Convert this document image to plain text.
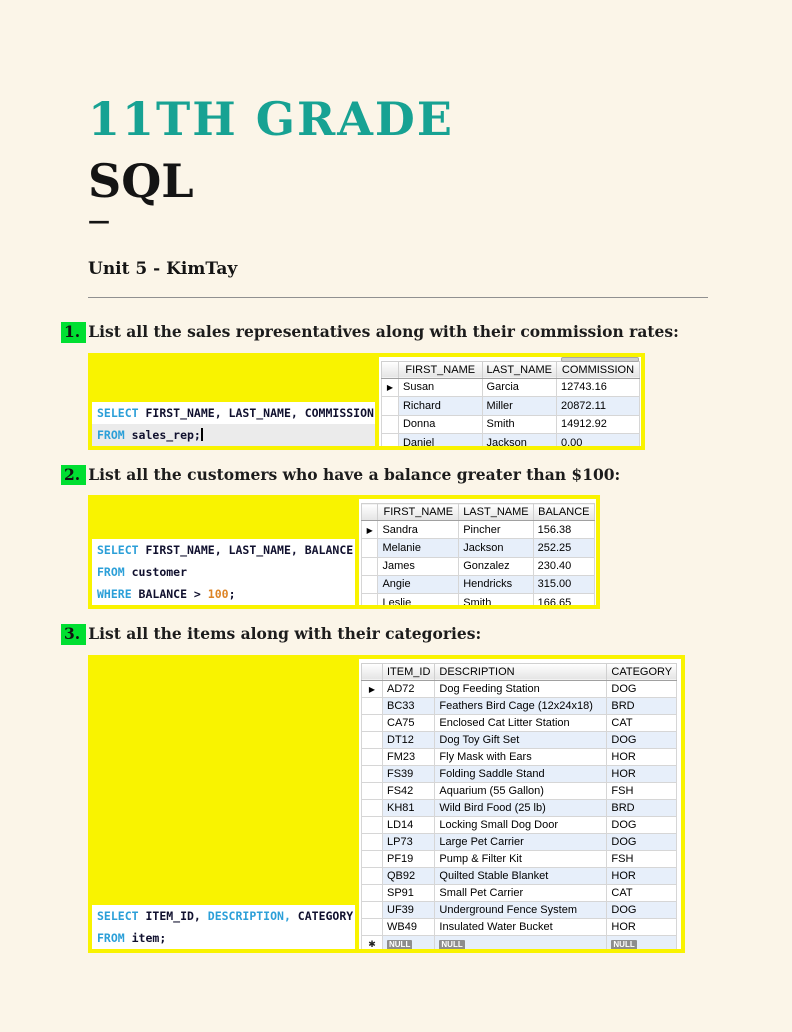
11TH GRADE
SQL
—
Unit 5 - KimTay
1. List all the sales representatives along with their commission rates:
SELECT FIRST_NAME, LAST_NAME, COMMISSION
FROM sales_rep;
	FIRST_NAME	LAST_NAME	COMMISSION
▶	Susan	Garcia	12743.16
	Richard	Miller	20872.11
	Donna	Smith	14912.92
	Daniel	Jackson	0.00
2. List all the customers who have a balance greater than $100:
SELECT FIRST_NAME, LAST_NAME, BALANCE
FROM customer
WHERE BALANCE > 100;
	FIRST_NAME	LAST_NAME	BALANCE
▶	Sandra	Pincher	156.38
	Melanie	Jackson	252.25
	James	Gonzalez	230.40
	Angie	Hendricks	315.00
	Leslie	Smith	166.65
3. List all the items along with their categories:
SELECT ITEM_ID, DESCRIPTION, CATEGORY
FROM item;
	ITEM_ID	DESCRIPTION	CATEGORY
▶	AD72	Dog Feeding Station	DOG
	BC33	Feathers Bird Cage (12x24x18)	BRD
	CA75	Enclosed Cat Litter Station	CAT
	DT12	Dog Toy Gift Set	DOG
	FM23	Fly Mask with Ears	HOR
	FS39	Folding Saddle Stand	HOR
	FS42	Aquarium (55 Gallon)	FSH
	KH81	Wild Bird Food (25 lb)	BRD
	LD14	Locking Small Dog Door	DOG
	LP73	Large Pet Carrier	DOG
	PF19	Pump & Filter Kit	FSH
	QB92	Quilted Stable Blanket	HOR
	SP91	Small Pet Carrier	CAT
	UF39	Underground Fence System	DOG
	WB49	Insulated Water Bucket	HOR
✱	NULL	NULL	NULL
